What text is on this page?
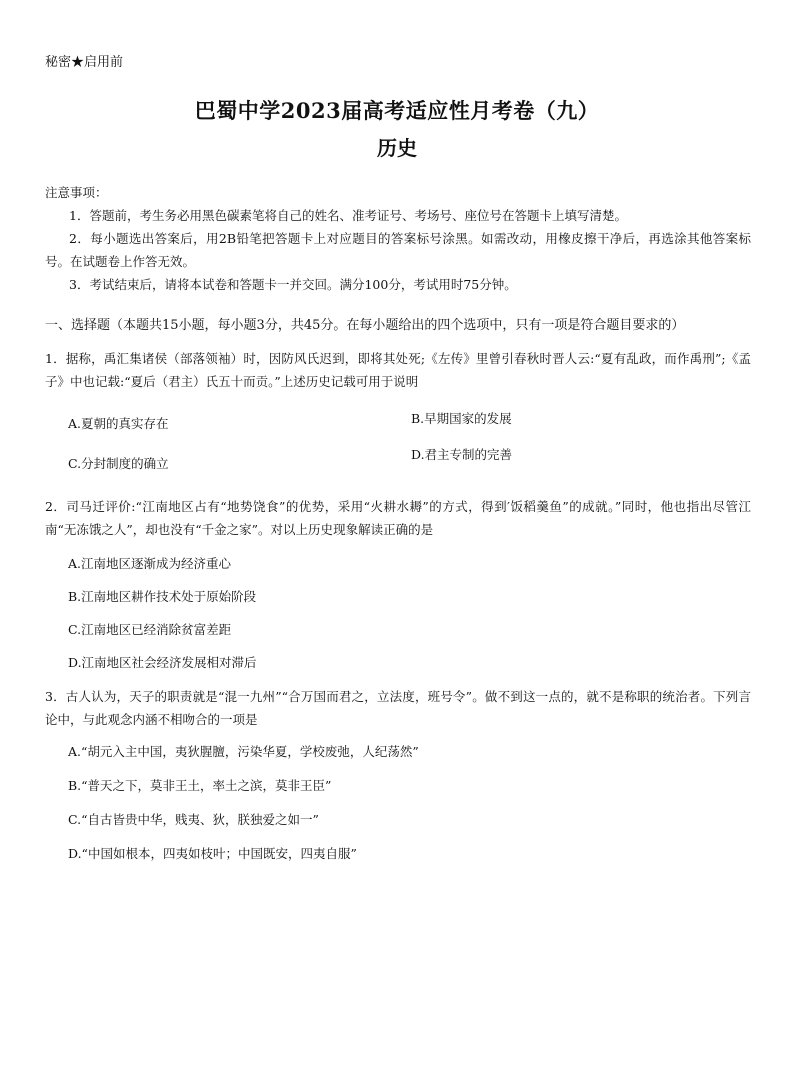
秘密★启用前
巴蜀中学2023届高考适应性月考卷（九）
历史
注意事项：
1．答题前，考生务必用黑色碳素笔将自己的姓名、准考证号、考场号、座位号在答题卡上填写清楚。
2．每小题选出答案后，用2B铅笔把答题卡上对应题目的答案标号涂黑。如需改动，用橡皮擦干净后，再选涂其他答案标号。在试题卷上作答无效。
3．考试结束后，请将本试卷和答题卡一并交回。满分100分，考试用时75分钟。
一、选择题（本题共15小题，每小题3分，共45分。在每小题给出的四个选项中，只有一项是符合题目要求的）
1．据称，禹汇集诸侯（部落领袖）时，因防风氏迟到，即将其处死;《左传》里曾引春秋时晋人云:“夏有乱政，而作禹刑”;《孟子》中也记载:“夏后（君主）氏五十而贡。”上述历史记载可用于说明
A.夏朝的真实存在	B.早期国家的发展
C.分封制度的确立
D.君主专制的完善
2．司马迁评价:“江南地区占有“地势饶食”的优势，采用“火耕水耨”的方式，得到′饭稻羹鱼”的成就。”同时，他也指出尽管江南“无冻饿之人”，却也没有“千金之家”。对以上历史现象解读正确的是
A.江南地区逐渐成为经济重心
B.江南地区耕作技术处于原始阶段
C.江南地区已经消除贫富差距
D.江南地区社会经济发展相对滞后
3．古人认为，天子的职责就是“混一九州”“合万国而君之，立法度，班号令”。做不到这一点的，就不是称职的统治者。下列言论中，与此观念内涵不相吻合的一项是
A.“胡元入主中国，夷狄腥膻，污染华夏，学校废弛，人纪荡然”
B.“普天之下，莫非王土，率土之滨，莫非王臣”
C.“自古皆贵中华，贱夷、狄，朕独爱之如一”
D.“中国如根本，四夷如枝叶；中国既安，四夷自服”
